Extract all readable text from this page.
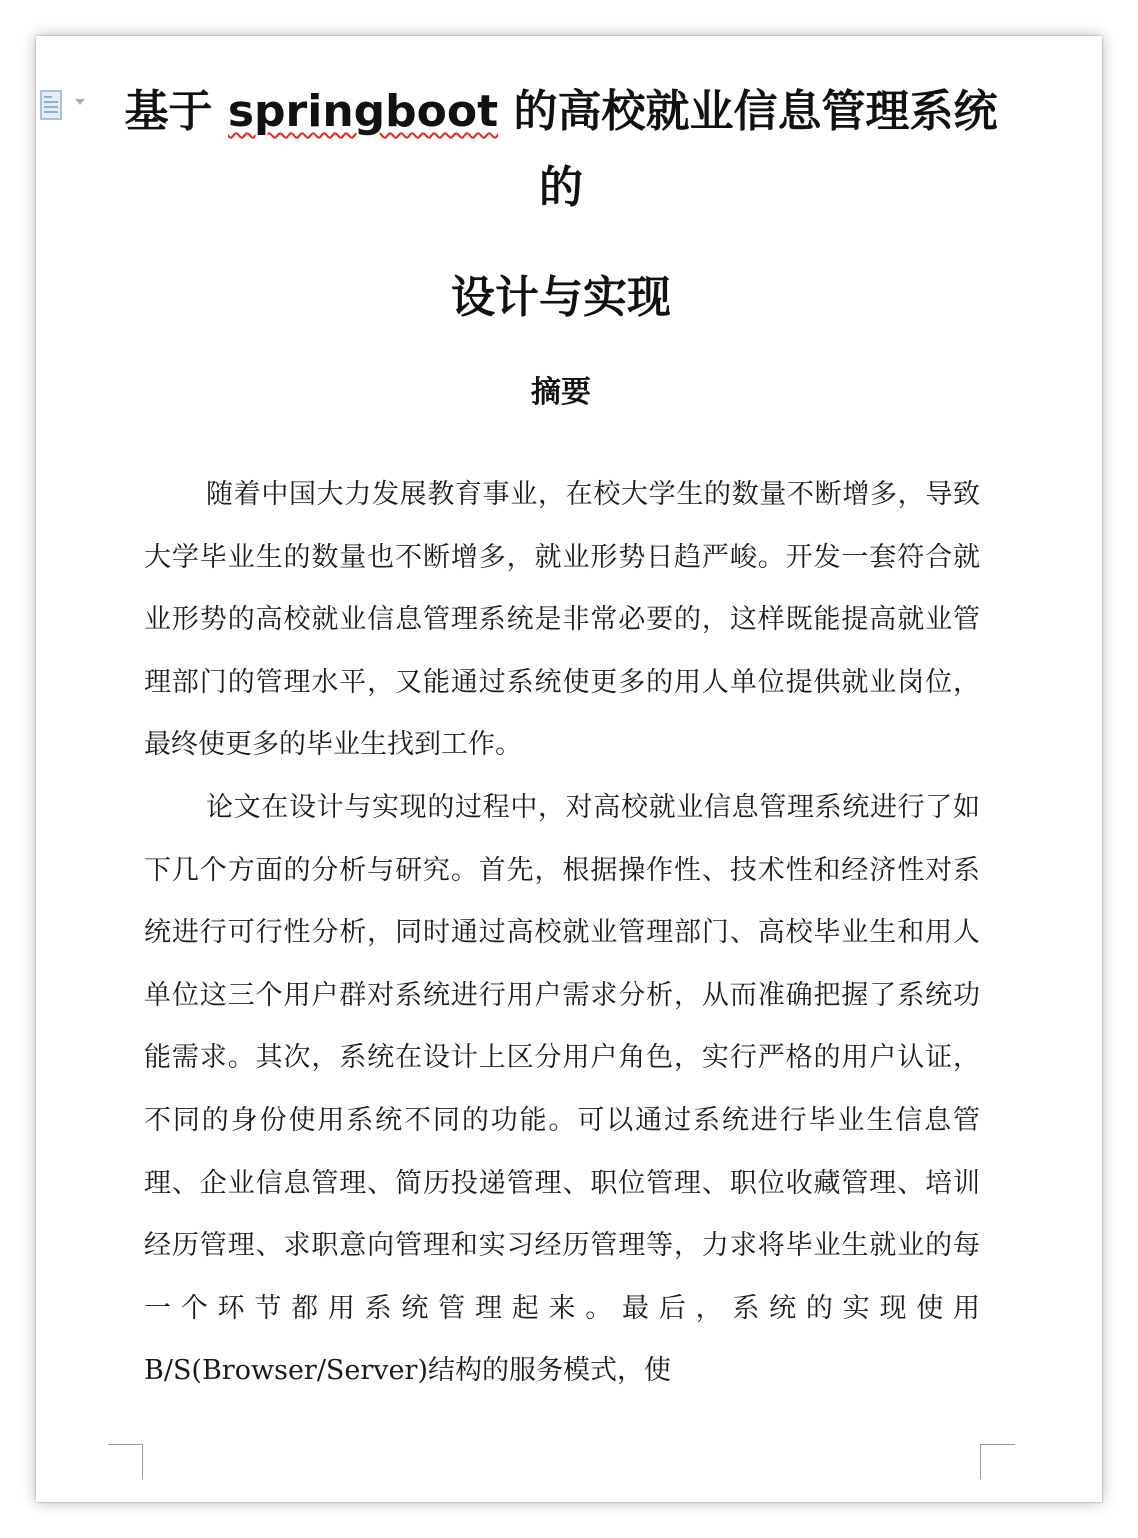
基于 springboot 的高校就业信息管理系统
的
设计与实现
摘要

随着中国大力发展教育事业，在校大学生的数量不断增多，导致大学毕业生的数量也不断增多，就业形势日趋严峻。开发一套符合就业形势的高校就业信息管理系统是非常必要的，这样既能提高就业管理部门的管理水平，又能通过系统使更多的用人单位提供就业岗位，最终使更多的毕业生找到工作。

论文在设计与实现的过程中，对高校就业信息管理系统进行了如下几个方面的分析与研究。首先，根据操作性、技术性和经济性对系统进行可行性分析，同时通过高校就业管理部门、高校毕业生和用人单位这三个用户群对系统进行用户需求分析，从而准确把握了系统功能需求。其次，系统在设计上区分用户角色，实行严格的用户认证，不同的身份使用系统不同的功能。可以通过系统进行毕业生信息管理、企业信息管理、简历投递管理、职位管理、职位收藏管理、培训经历管理、求职意向管理和实习经历管理等，力求将毕业生就业的每一个环节都用系统管理起来。最后，系统的实现使用 B/S(Browser/Server)结构的服务模式，使
